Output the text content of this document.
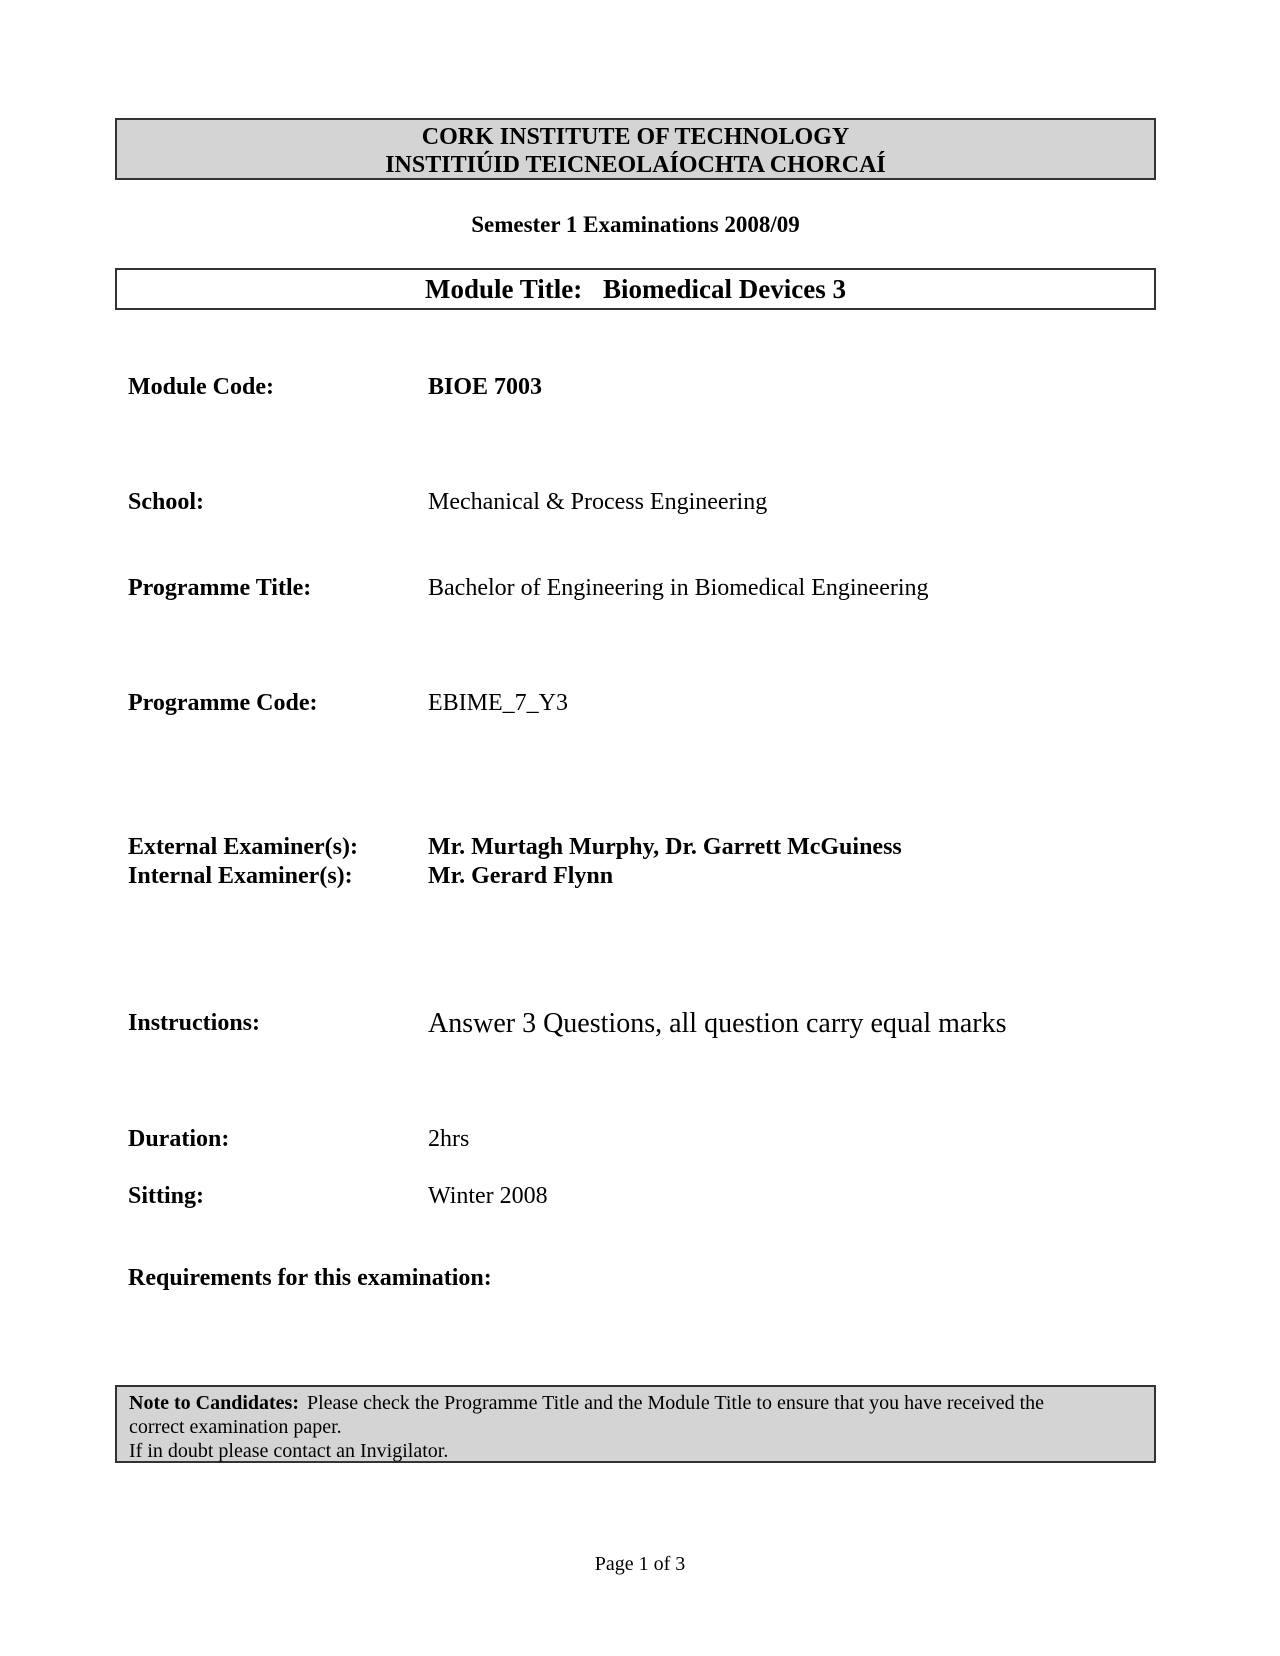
CORK INSTITUTE OF TECHNOLOGY
INSTITIÚID TEICNEOLAÍOCHTA CHORCAÍ
Semester 1 Examinations 2008/09
Module Title: Biomedical Devices 3
Module Code:	BIOE 7003
School:	Mechanical & Process Engineering
Programme Title:	Bachelor of Engineering in Biomedical Engineering
Programme Code:	EBIME_7_Y3
External Examiner(s):	Mr. Murtagh Murphy, Dr. Garrett McGuiness
Internal Examiner(s):	Mr. Gerard Flynn
Instructions:	Answer 3 Questions, all question carry equal marks
Duration:	2hrs
Sitting:	Winter 2008
Requirements for this examination:
Note to Candidates: Please check the Programme Title and the Module Title to ensure that you have received the
correct examination paper.
If in doubt please contact an Invigilator.
Page 1 of 3
